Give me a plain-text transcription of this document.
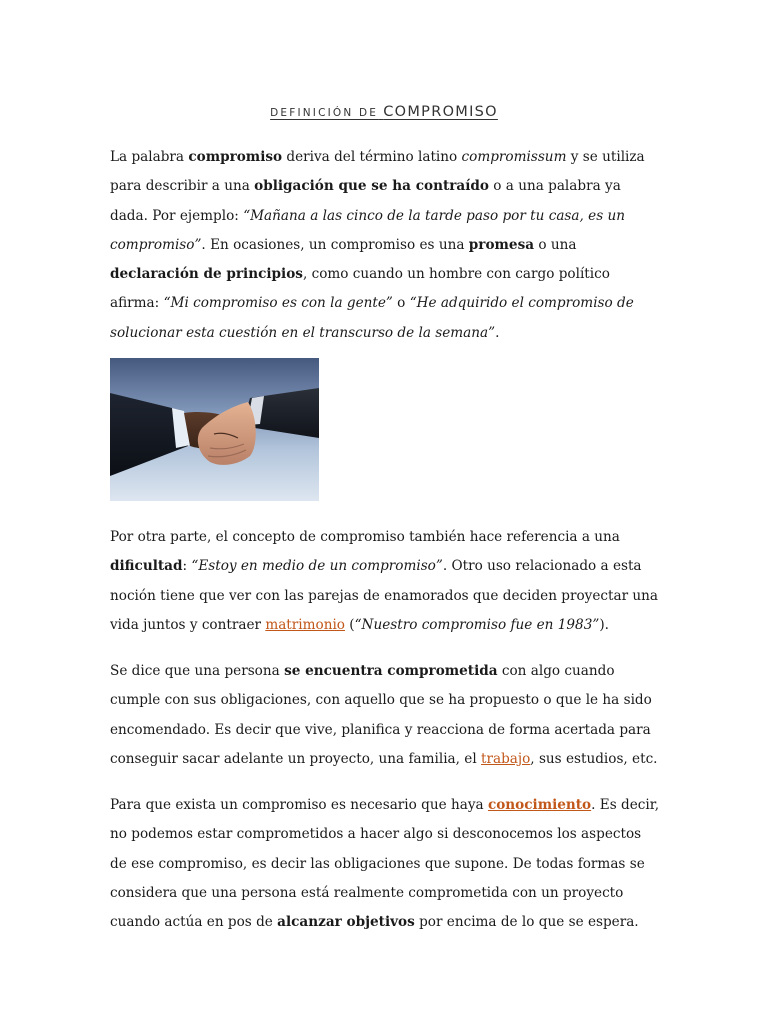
DEFINICIÓN DE COMPROMISO

La palabra compromiso deriva del término latino compromissum y se utiliza para describir a una obligación que se ha contraído o a una palabra ya dada. Por ejemplo: “Mañana a las cinco de la tarde paso por tu casa, es un compromiso”. En ocasiones, un compromiso es una promesa o una declaración de principios, como cuando un hombre con cargo político afirma: “Mi compromiso es con la gente” o “He adquirido el compromiso de solucionar esta cuestión en el transcurso de la semana”.

Por otra parte, el concepto de compromiso también hace referencia a una dificultad: “Estoy en medio de un compromiso”. Otro uso relacionado a esta noción tiene que ver con las parejas de enamorados que deciden proyectar una vida juntos y contraer matrimonio (“Nuestro compromiso fue en 1983”).

Se dice que una persona se encuentra comprometida con algo cuando cumple con sus obligaciones, con aquello que se ha propuesto o que le ha sido encomendado. Es decir que vive, planifica y reacciona de forma acertada para conseguir sacar adelante un proyecto, una familia, el trabajo, sus estudios, etc.

Para que exista un compromiso es necesario que haya conocimiento. Es decir, no podemos estar comprometidos a hacer algo si desconocemos los aspectos de ese compromiso, es decir las obligaciones que supone. De todas formas se considera que una persona está realmente comprometida con un proyecto cuando actúa en pos de alcanzar objetivos por encima de lo que se espera.
